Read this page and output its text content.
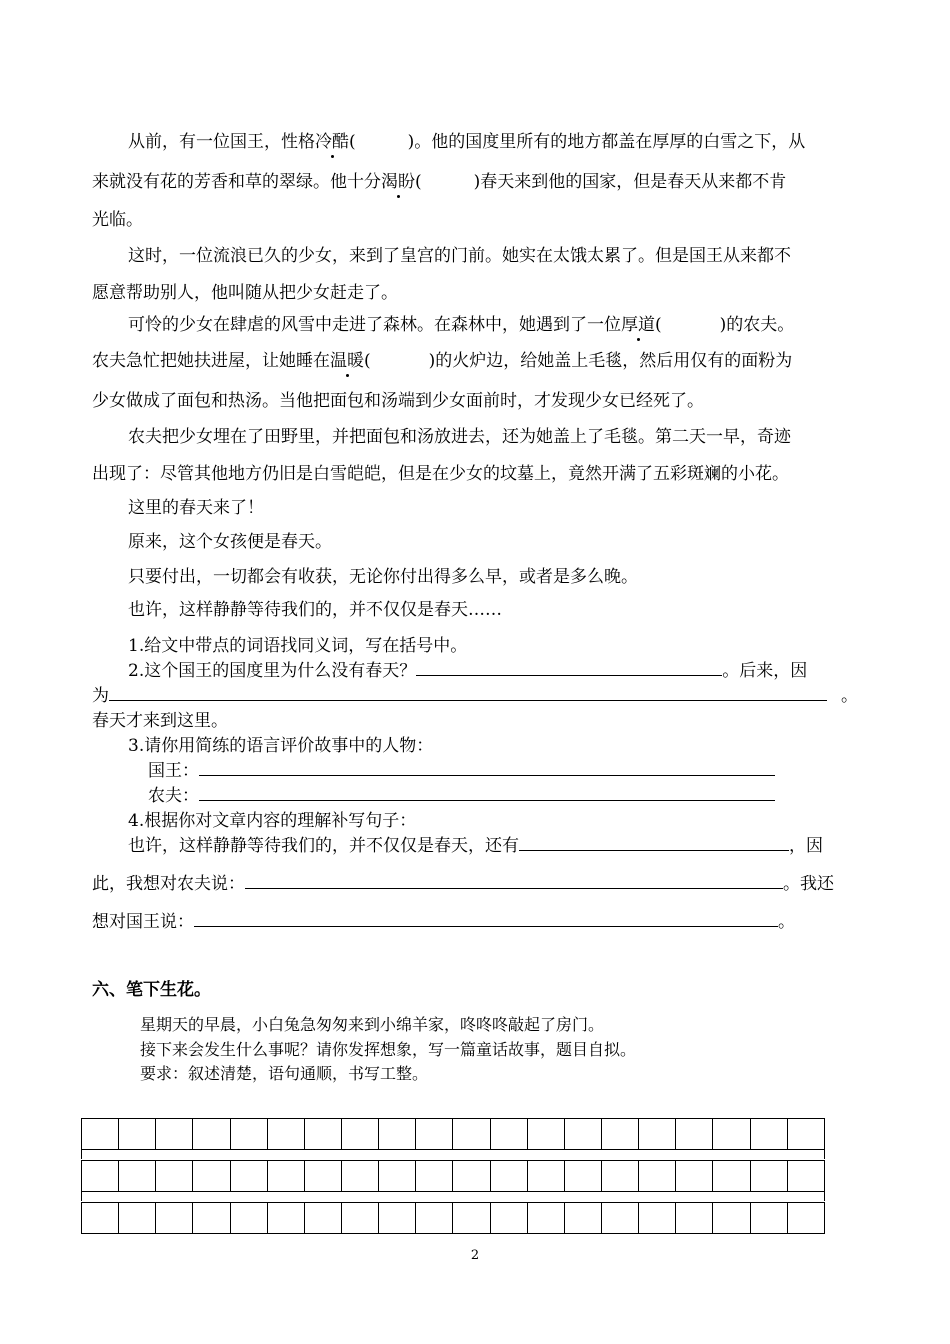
从前，有一位国王，性格冷酷(	)。他的国度里所有的地方都盖在厚厚的白雪之下，从
来就没有花的芳香和草的翠绿。他十分渴盼(	)春天来到他的国家，但是春天从来都不肯
光临。
这时，一位流浪已久的少女，来到了皇宫的门前。她实在太饿太累了。但是国王从来都不
愿意帮助别人，他叫随从把少女赶走了。
可怜的少女在肆虐的风雪中走进了森林。在森林中，她遇到了一位厚道(	)的农夫。
农夫急忙把她扶进屋，让她睡在温暖(	)的火炉边，给她盖上毛毯，然后用仅有的面粉为
少女做成了面包和热汤。当他把面包和汤端到少女面前时，才发现少女已经死了。
农夫把少女埋在了田野里，并把面包和汤放进去，还为她盖上了毛毯。第二天一早，奇迹
出现了：尽管其他地方仍旧是白雪皑皑，但是在少女的坟墓上，竟然开满了五彩斑斓的小花。
这里的春天来了！
原来，这个女孩便是春天。
只要付出，一切都会有收获，无论你付出得多么早，或者是多么晚。
也许，这样静静等待我们的，并不仅仅是春天……
1.给文中带点的词语找同义词，写在括号中。
2.这个国王的国度里为什么没有春天？	。后来，因
为	。
春天才来到这里。
3.请你用简练的语言评价故事中的人物：
国王：
农夫：
4.根据你对文章内容的理解补写句子：
也许，这样静静等待我们的，并不仅仅是春天，还有	，因
此，我想对农夫说：	。我还
想对国王说：	。
六、笔下生花。
星期天的早晨，小白兔急匆匆来到小绵羊家，咚咚咚敲起了房门。
接下来会发生什么事呢？请你发挥想象，写一篇童话故事，题目自拟。
要求：叙述清楚，语句通顺，书写工整。

2
